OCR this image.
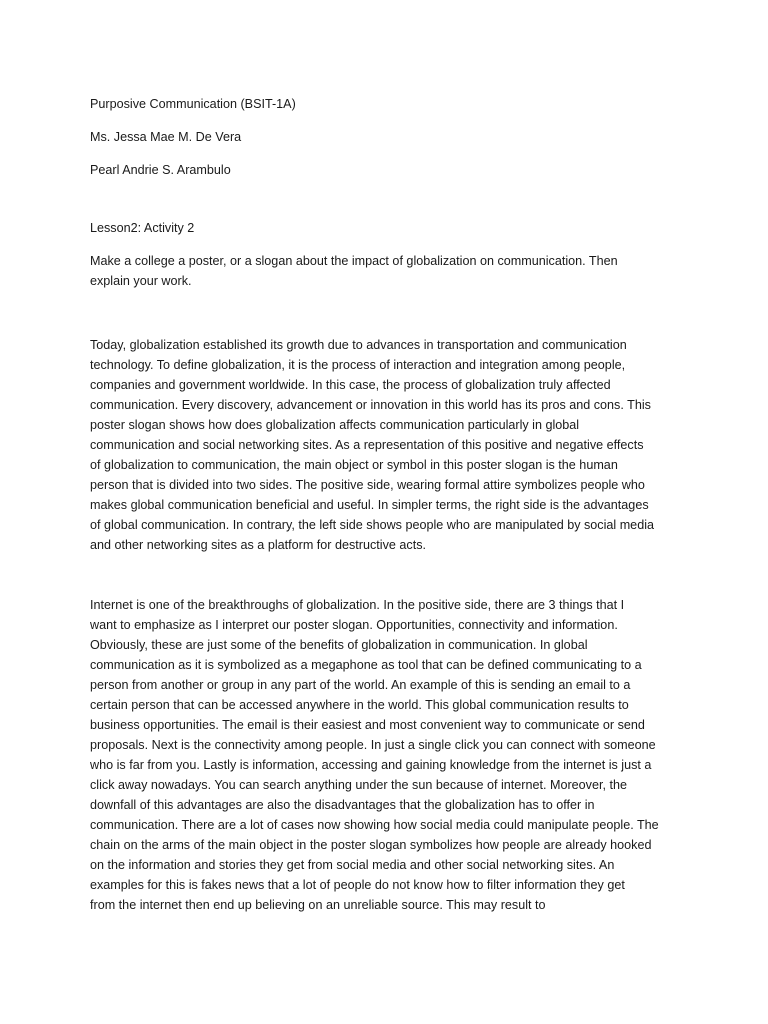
Purposive Communication (BSIT-1A)

Ms. Jessa Mae M. De Vera

Pearl Andrie S. Arambulo

Lesson2: Activity 2

Make a college a poster, or a slogan about the impact of globalization on communication. Then

explain your work.

Today, globalization established its growth due to advances in transportation and communication

technology. To define globalization, it is the process of interaction and integration among people,

companies and government worldwide. In this case, the process of globalization truly affected

communication. Every discovery, advancement or innovation in this world has its pros and cons. This

poster slogan shows how does globalization affects communication particularly in global

communication and social networking sites. As a representation of this positive and negative effects

of globalization to communication, the main object or symbol in this poster slogan is the human

person that is divided into two sides. The positive side, wearing formal attire symbolizes people who

makes global communication beneficial and useful. In simpler terms, the right side is the advantages

of global communication. In contrary, the left side shows people who are manipulated by social media

and other networking sites as a platform for destructive acts.

Internet is one of the breakthroughs of globalization. In the positive side, there are 3 things that I

want to emphasize as I interpret our poster slogan. Opportunities, connectivity and information.

Obviously, these are just some of the benefits of globalization in communication. In global

communication as it is symbolized as a megaphone as tool that can be defined communicating to a

person from another or group in any part of the world. An example of this is sending an email to a

certain person that can be accessed anywhere in the world. This global communication results to

business opportunities. The email is their easiest and most convenient way to communicate or send

proposals. Next is the connectivity among people. In just a single click you can connect with someone

who is far from you. Lastly is information, accessing and gaining knowledge from the internet is just a

click away nowadays. You can search anything under the sun because of internet. Moreover, the

downfall of this advantages are also the disadvantages that the globalization has to offer in

communication. There are a lot of cases now showing how social media could manipulate people. The

chain on the arms of the main object in the poster slogan symbolizes how people are already hooked

on the information and stories they get from social media and other social networking sites. An

examples for this is fakes news that a lot of people do not know how to filter information they get

from the internet then end up believing on an unreliable source. This may result to
